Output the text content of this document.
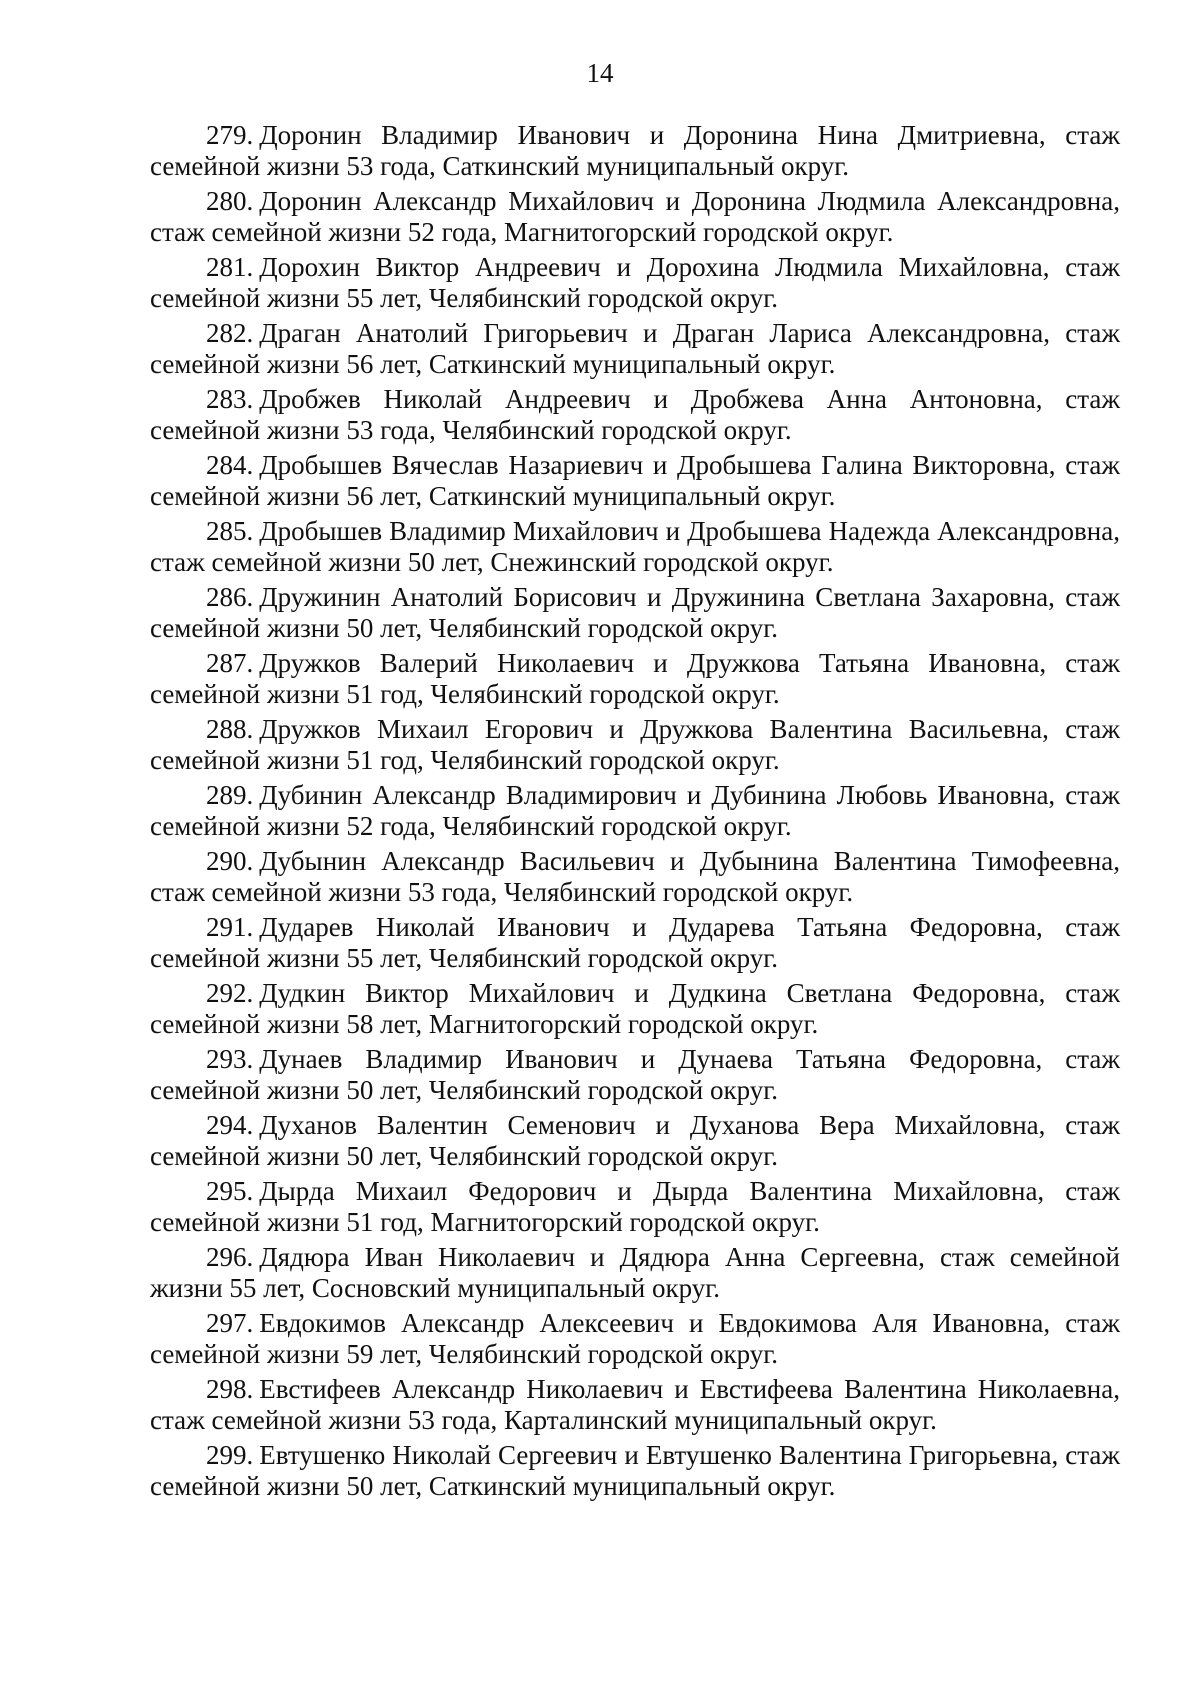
14

279. Доронин Владимир Иванович и Доронина Нина Дмитриевна, стаж семейной жизни 53 года, Саткинский муниципальный округ.

280. Доронин Александр Михайлович и Доронина Людмила Александровна, стаж семейной жизни 52 года, Магнитогорский городской округ.

281. Дорохин Виктор Андреевич и Дорохина Людмила Михайловна, стаж семейной жизни 55 лет, Челябинский городской округ.

282. Драган Анатолий Григорьевич и Драган Лариса Александровна, стаж семейной жизни 56 лет, Саткинский муниципальный округ.

283. Дробжев Николай Андреевич и Дробжева Анна Антоновна, стаж семейной жизни 53 года, Челябинский городской округ.

284. Дробышев Вячеслав Назариевич и Дробышева Галина Викторовна, стаж семейной жизни 56 лет, Саткинский муниципальный округ.

285. Дробышев Владимир Михайлович и Дробышева Надежда Александровна, стаж семейной жизни 50 лет, Снежинский городской округ.

286. Дружинин Анатолий Борисович и Дружинина Светлана Захаровна, стаж семейной жизни 50 лет, Челябинский городской округ.

287. Дружков Валерий Николаевич и Дружкова Татьяна Ивановна, стаж семейной жизни 51 год, Челябинский городской округ.

288. Дружков Михаил Егорович и Дружкова Валентина Васильевна, стаж семейной жизни 51 год, Челябинский городской округ.

289. Дубинин Александр Владимирович и Дубинина Любовь Ивановна, стаж семейной жизни 52 года, Челябинский городской округ.

290. Дубынин Александр Васильевич и Дубынина Валентина Тимофеевна, стаж семейной жизни 53 года, Челябинский городской округ.

291. Дударев Николай Иванович и Дударева Татьяна Федоровна, стаж семейной жизни 55 лет, Челябинский городской округ.

292. Дудкин Виктор Михайлович и Дудкина Светлана Федоровна, стаж семейной жизни 58 лет, Магнитогорский городской округ.

293. Дунаев Владимир Иванович и Дунаева Татьяна Федоровна, стаж семейной жизни 50 лет, Челябинский городской округ.

294. Духанов Валентин Семенович и Духанова Вера Михайловна, стаж семейной жизни 50 лет, Челябинский городской округ.

295. Дырда Михаил Федорович и Дырда Валентина Михайловна, стаж семейной жизни 51 год, Магнитогорский городской округ.

296. Дядюра Иван Николаевич и Дядюра Анна Сергеевна, стаж семейной жизни 55 лет, Сосновский муниципальный округ.

297. Евдокимов Александр Алексеевич и Евдокимова Аля Ивановна, стаж семейной жизни 59 лет, Челябинский городской округ.

298. Евстифеев Александр Николаевич и Евстифеева Валентина Николаевна, стаж семейной жизни 53 года, Карталинский муниципальный округ.

299. Евтушенко Николай Сергеевич и Евтушенко Валентина Григорьевна, стаж семейной жизни 50 лет, Саткинский муниципальный округ.
